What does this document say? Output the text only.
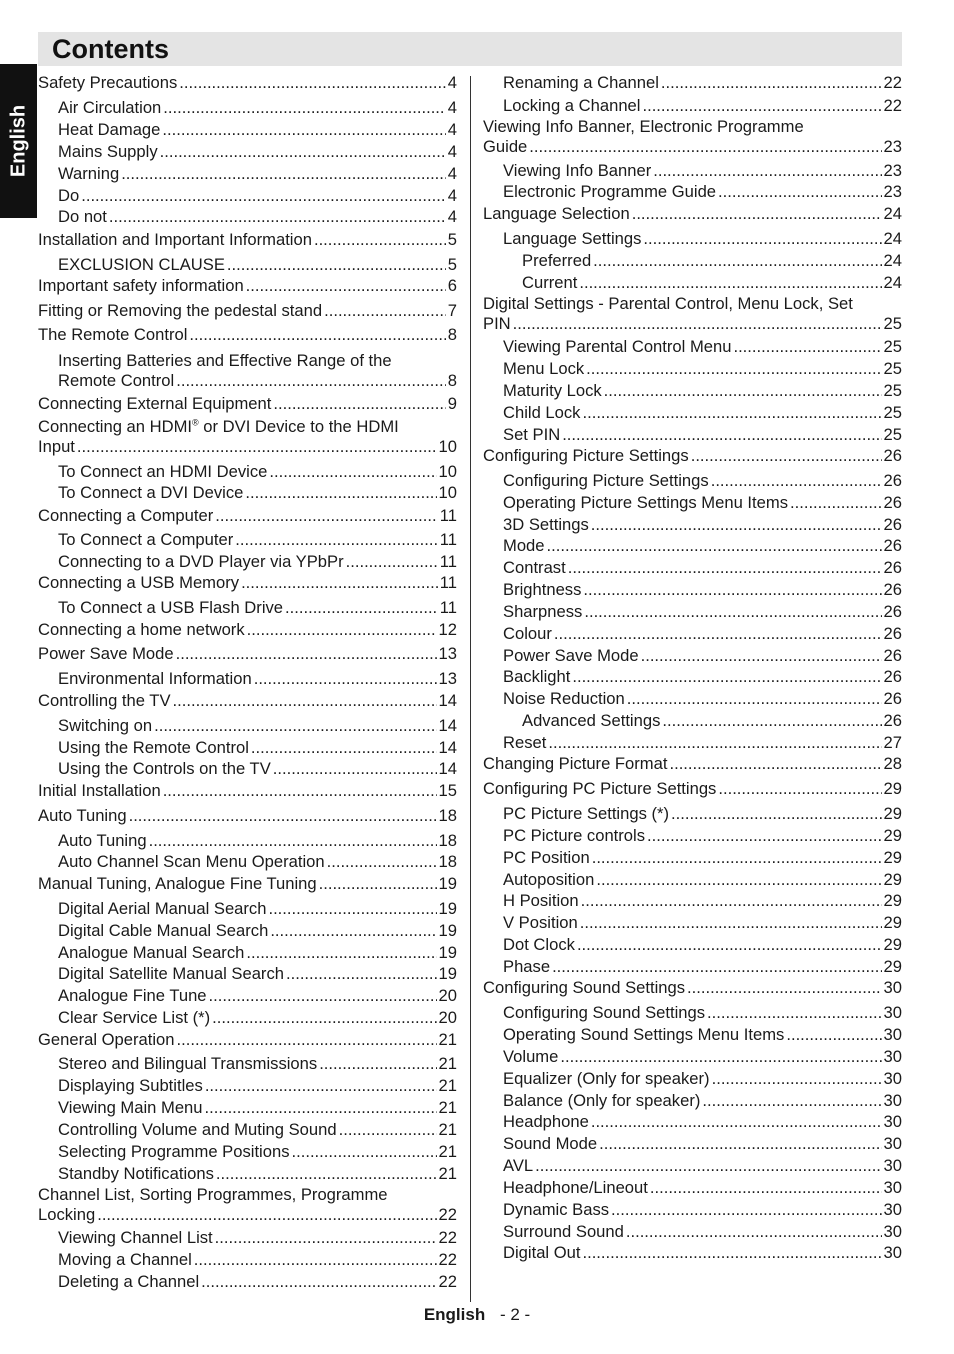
Contents
English
Safety Precautions .....	4
Air Circulation .....	4
Heat Damage .....	4
Mains Supply .....	4
Warning .....	4
Do .....	4
Do not .....	4
Installation and Important Information .....	5
EXCLUSION CLAUSE .....	5
Important safety information .....	6
Fitting or Removing the pedestal stand .....	7
The Remote Control .....	8
Inserting Batteries and Effective Range of the
Remote Control .....	8
Connecting External Equipment .....	9
Connecting an HDMI® or DVI Device to the HDMI
Input .....	10
To Connect an HDMI Device .....	10
To Connect a DVI Device .....	10
Connecting a Computer .....	11
To Connect a Computer .....	11
Connecting to a DVD Player via YPbPr .....	11
Connecting a USB Memory .....	11
To Connect a USB Flash Drive .....	11
Connecting a home network .....	12
Power Save Mode .....	13
Environmental Information .....	13
Controlling the TV .....	14
Switching on .....	14
Using the Remote Control .....	14
Using the Controls on the TV .....	14
Initial Installation .....	15
Auto Tuning .....	18
Auto Tuning .....	18
Auto Channel Scan Menu Operation .....	18
Manual Tuning, Analogue Fine Tuning .....	19
Digital Aerial Manual Search .....	19
Digital Cable Manual Search .....	19
Analogue Manual Search .....	19
Digital Satellite Manual Search .....	19
Analogue Fine Tune .....	20
Clear Service List (*) .....	20
General Operation .....	21
Stereo and Bilingual Transmissions .....	21
Displaying Subtitles .....	21
Viewing Main Menu .....	21
Controlling Volume and Muting Sound .....	21
Selecting Programme Positions .....	21
Standby Notifications .....	21
Channel List, Sorting Programmes, Programme
Locking .....	22
Viewing Channel List .....	22
Moving a Channel .....	22
Deleting a Channel .....	22
Renaming a Channel .....	22
Locking a Channel .....	22
Viewing Info Banner, Electronic Programme
Guide .....	23
Viewing Info Banner .....	23
Electronic Programme Guide .....	23
Language Selection .....	24
Language Settings .....	24
Preferred .....	24
Current .....	24
Digital Settings - Parental Control, Menu Lock, Set
PIN .....	25
Viewing Parental Control Menu .....	25
Menu Lock .....	25
Maturity Lock .....	25
Child Lock .....	25
Set PIN .....	25
Configuring Picture Settings .....	26
Configuring Picture Settings .....	26
Operating Picture Settings Menu Items .....	26
3D Settings .....	26
Mode .....	26
Contrast .....	26
Brightness .....	26
Sharpness .....	26
Colour .....	26
Power Save Mode .....	26
Backlight .....	26
Noise Reduction .....	26
Advanced Settings .....	26
Reset .....	27
Changing Picture Format .....	28
Configuring PC Picture Settings .....	29
PC Picture Settings (*) .....	29
PC Picture controls .....	29
PC Position .....	29
Autoposition .....	29
H Position .....	29
V Position .....	29
Dot Clock .....	29
Phase .....	29
Configuring Sound Settings .....	30
Configuring Sound Settings .....	30
Operating Sound Settings Menu Items .....	30
Volume .....	30
Equalizer (Only for speaker) .....	30
Balance (Only for speaker) .....	30
Headphone .....	30
Sound Mode .....	30
AVL .....	30
Headphone/Lineout .....	30
Dynamic Bass .....	30
Surround Sound .....	30
Digital Out .....	30
English - 2 -
